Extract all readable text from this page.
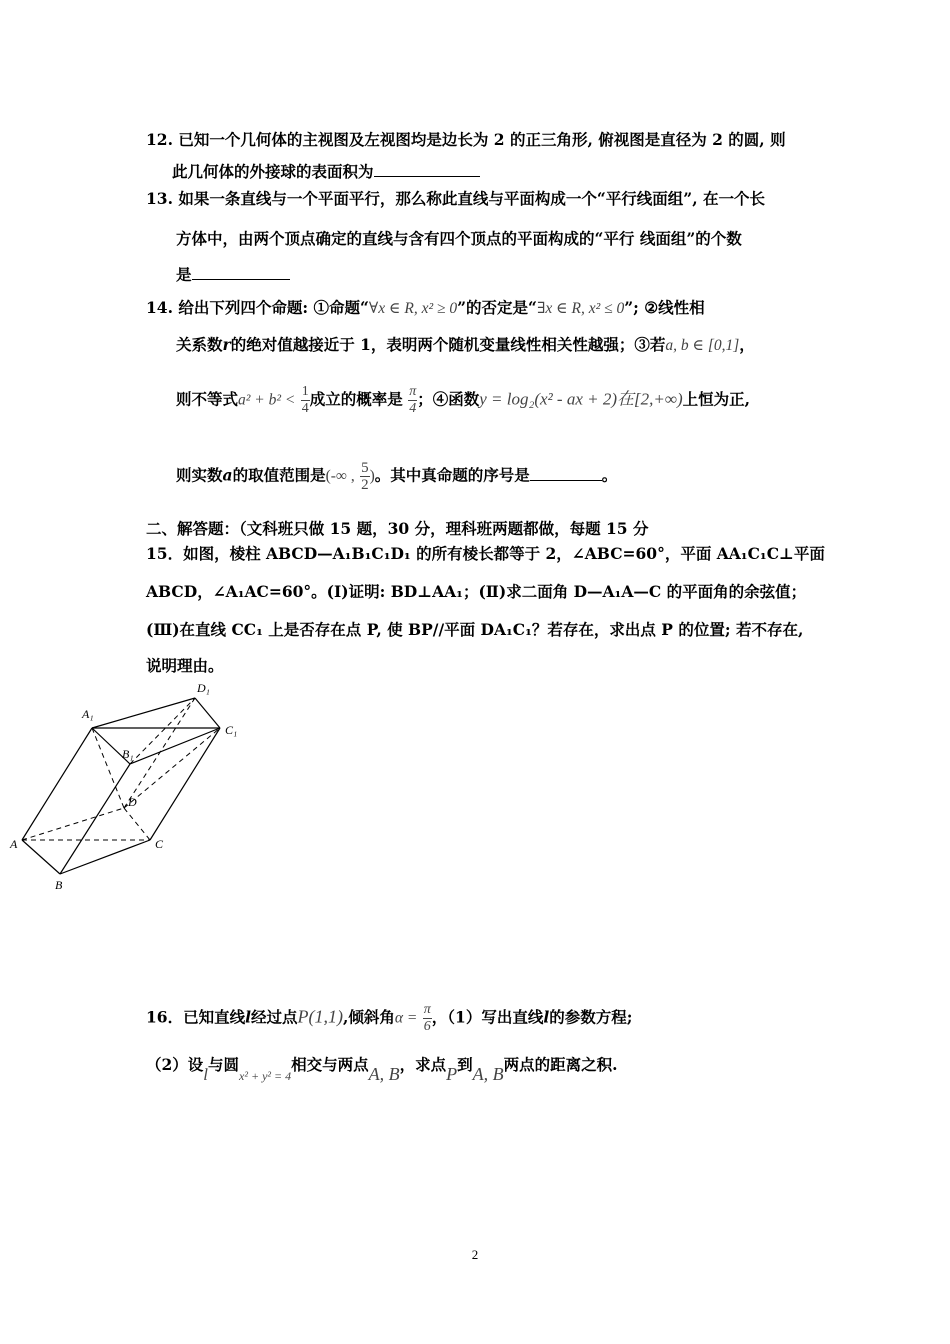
12. 已知一个几何体的主视图及左视图均是边长为 2 的正三角形, 俯视图是直径为 2 的圆, 则
此几何体的外接球的表面积为
13. 如果一条直线与一个平面平行，那么称此直线与平面构成一个“平行线面组”, 在一个长
方体中，由两个顶点确定的直线与含有四个顶点的平面构成的“平行 线面组”的个数
是
14. 给出下列四个命题: ①命题“∀x ∈ R, x² ≥ 0”的否定是“∃x ∈ R, x² ≤ 0”; ②线性相
关系数r的绝对值越接近于 1，表明两个随机变量线性相关性越强；③若a, b ∈ [0,1]，
则不等式$a^2 + b^2 < \frac{1}{4}$ 成立的概率是 $\frac{\pi}{4}$ ；④函数y = log₂(x² - ax + 2)在[2,+∞)上恒为正,
则实数a的取值范围是(-∞ , $\frac{5}{2}$ )。其中真命题的序号是	。
二、解答题：（文科班只做 15 题，30 分，理科班两题都做，每题 15 分
15．如图，棱柱 ABCD—A₁B₁C₁D₁ 的所有棱长都等于 2，∠ABC=60°，平面 AA₁C₁C⊥平面
ABCD，∠A₁AC=60°。(Ⅰ)证明: BD⊥AA₁；(Ⅱ)求二面角 D—A₁A—C 的平面角的余弦值；
(Ⅲ)在直线 CC₁ 上是否存在点 P, 使 BP//平面 DA₁C₁？若存在，求出点 P 的位置; 若不存在,
说明理由。
A
B
C
D
A₁
B₁
C₁
D₁
16．已知直线l经过点P(1,1),倾斜角$\alpha = \frac{\pi}{6}$ ，（1）写出直线l的参数方程;
（2）设l与圆$_{x^2 + y^2 = 4}$相交与两点A, B，求点P到A, B两点的距离之积.
2
